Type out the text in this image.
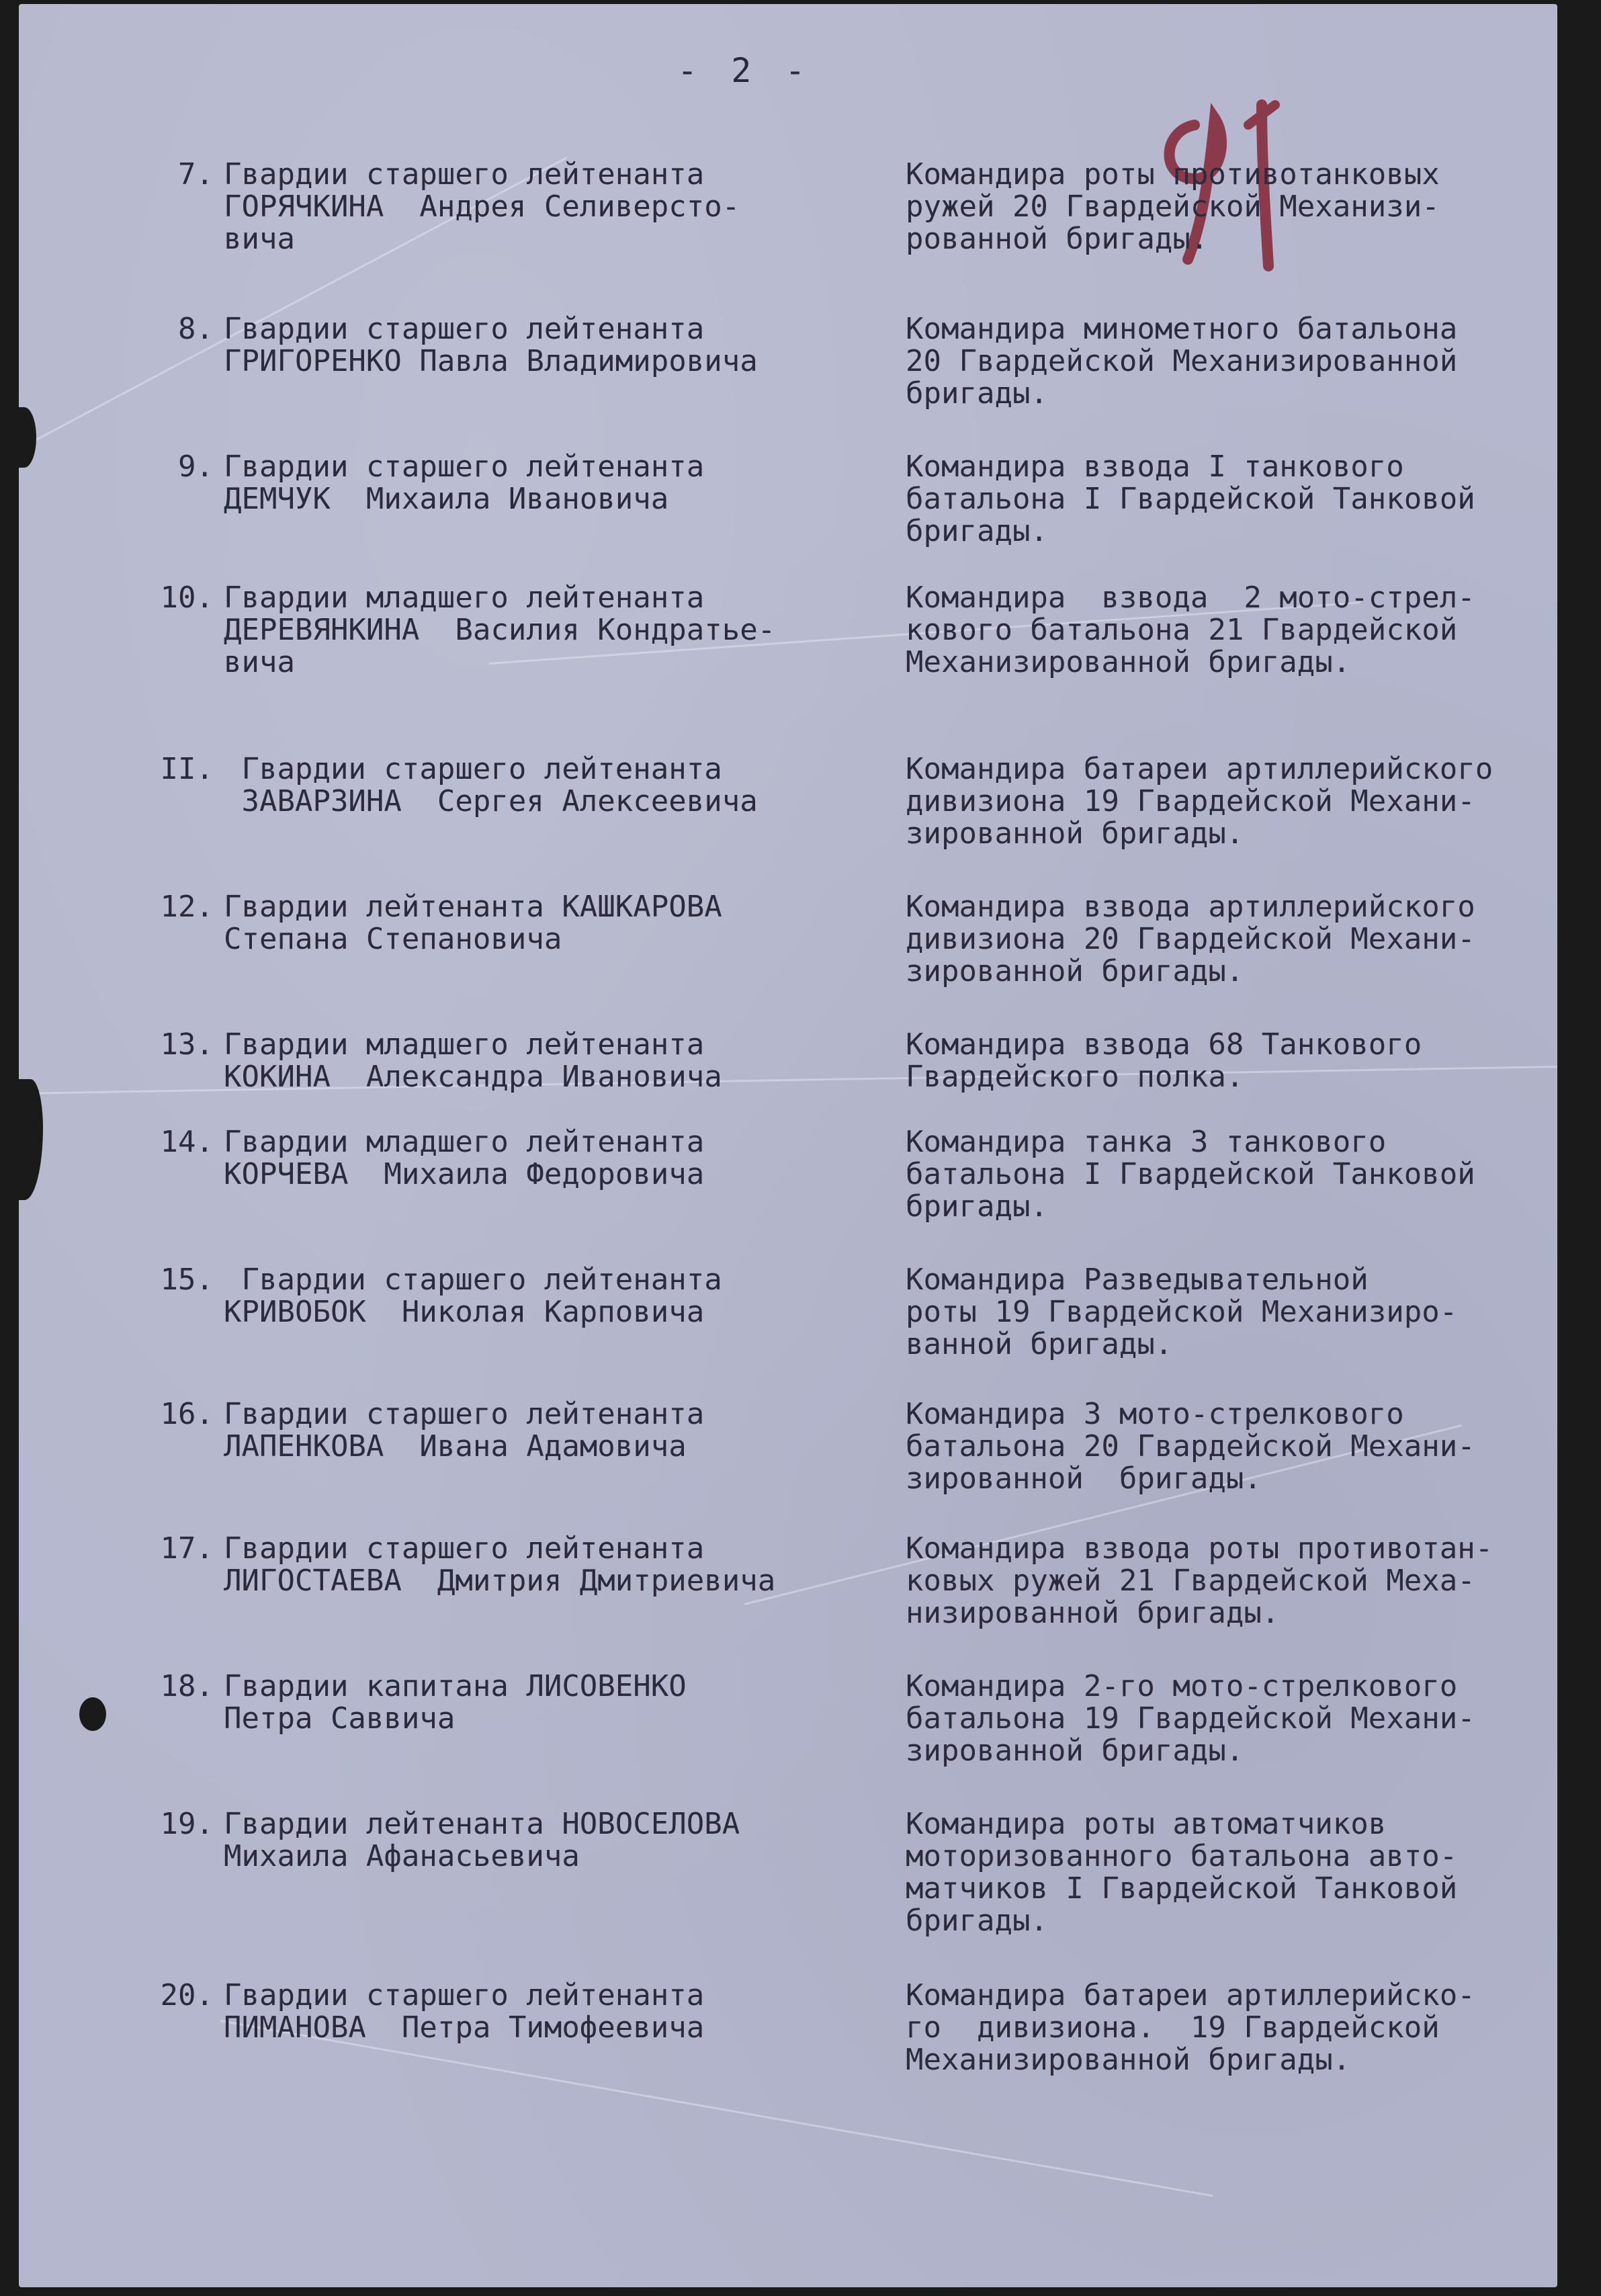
- 2 -
7. Гвардии старшего лейтенанта
ГОРЯЧКИНА  Андрея Селиверсто-
вича
Командира роты противотанковых
ружей 20 Гвардейской Механизи-
рованной бригады.
8. Гвардии старшего лейтенанта
ГРИГОРЕНКО Павла Владимировича
Командира минометного батальона
20 Гвардейской Механизированной
бригады.
9. Гвардии старшего лейтенанта
ДЕМЧУК  Михаила Ивановича
Командира взвода I танкового
батальона I Гвардейской Танковой
бригады.
10. Гвардии младшего лейтенанта
ДЕРЕВЯНКИНА  Василия Кондратье-
вича
Командира  взвода  2 мото-стрел-
кового батальона 21 Гвардейской
Механизированной бригады.
II. Гвардии старшего лейтенанта
ЗАВАРЗИНА  Сергея Алексеевича
Командира батареи артиллерийского
дивизиона 19 Гвардейской Механи-
зированной бригады.
12. Гвардии лейтенанта КАШКАРОВА
Степана Степановича
Командира взвода артиллерийского
дивизиона 20 Гвардейской Механи-
зированной бригады.
13. Гвардии младшего лейтенанта
КОКИНА  Александра Ивановича
Командира взвода 68 Танкового
Гвардейского полка.
14. Гвардии младшего лейтенанта
КОРЧЕВА  Михаила Федоровича
Командира танка 3 танкового
батальона I Гвардейской Танковой
бригады.
15. Гвардии старшего лейтенанта
КРИВОБОК  Николая Карповича
Командира Разведывательной
роты 19 Гвардейской Механизиро-
ванной бригады.
16. Гвардии старшего лейтенанта
ЛАПЕНКОВА  Ивана Адамовича
Командира 3 мото-стрелкового
батальона 20 Гвардейской Механи-
зированной  бригады.
17. Гвардии старшего лейтенанта
ЛИГОСТАЕВА  Дмитрия Дмитриевича
Командира взвода роты противотан-
ковых ружей 21 Гвардейской Меха-
низированной бригады.
18. Гвардии капитана ЛИСОВЕНКО
Петра Саввича
Командира 2-го мото-стрелкового
батальона 19 Гвардейской Механи-
зированной бригады.
19. Гвардии лейтенанта НОВОСЕЛОВА
Михаила Афанасьевича
Командира роты автоматчиков
моторизованного батальона авто-
матчиков I Гвардейской Танковой
бригады.
20. Гвардии старшего лейтенанта
ПИМАНОВА  Петра Тимофеевича
Командира батареи артиллерийско-
го  дивизиона.  19 Гвардейской
Механизированной бригады.
